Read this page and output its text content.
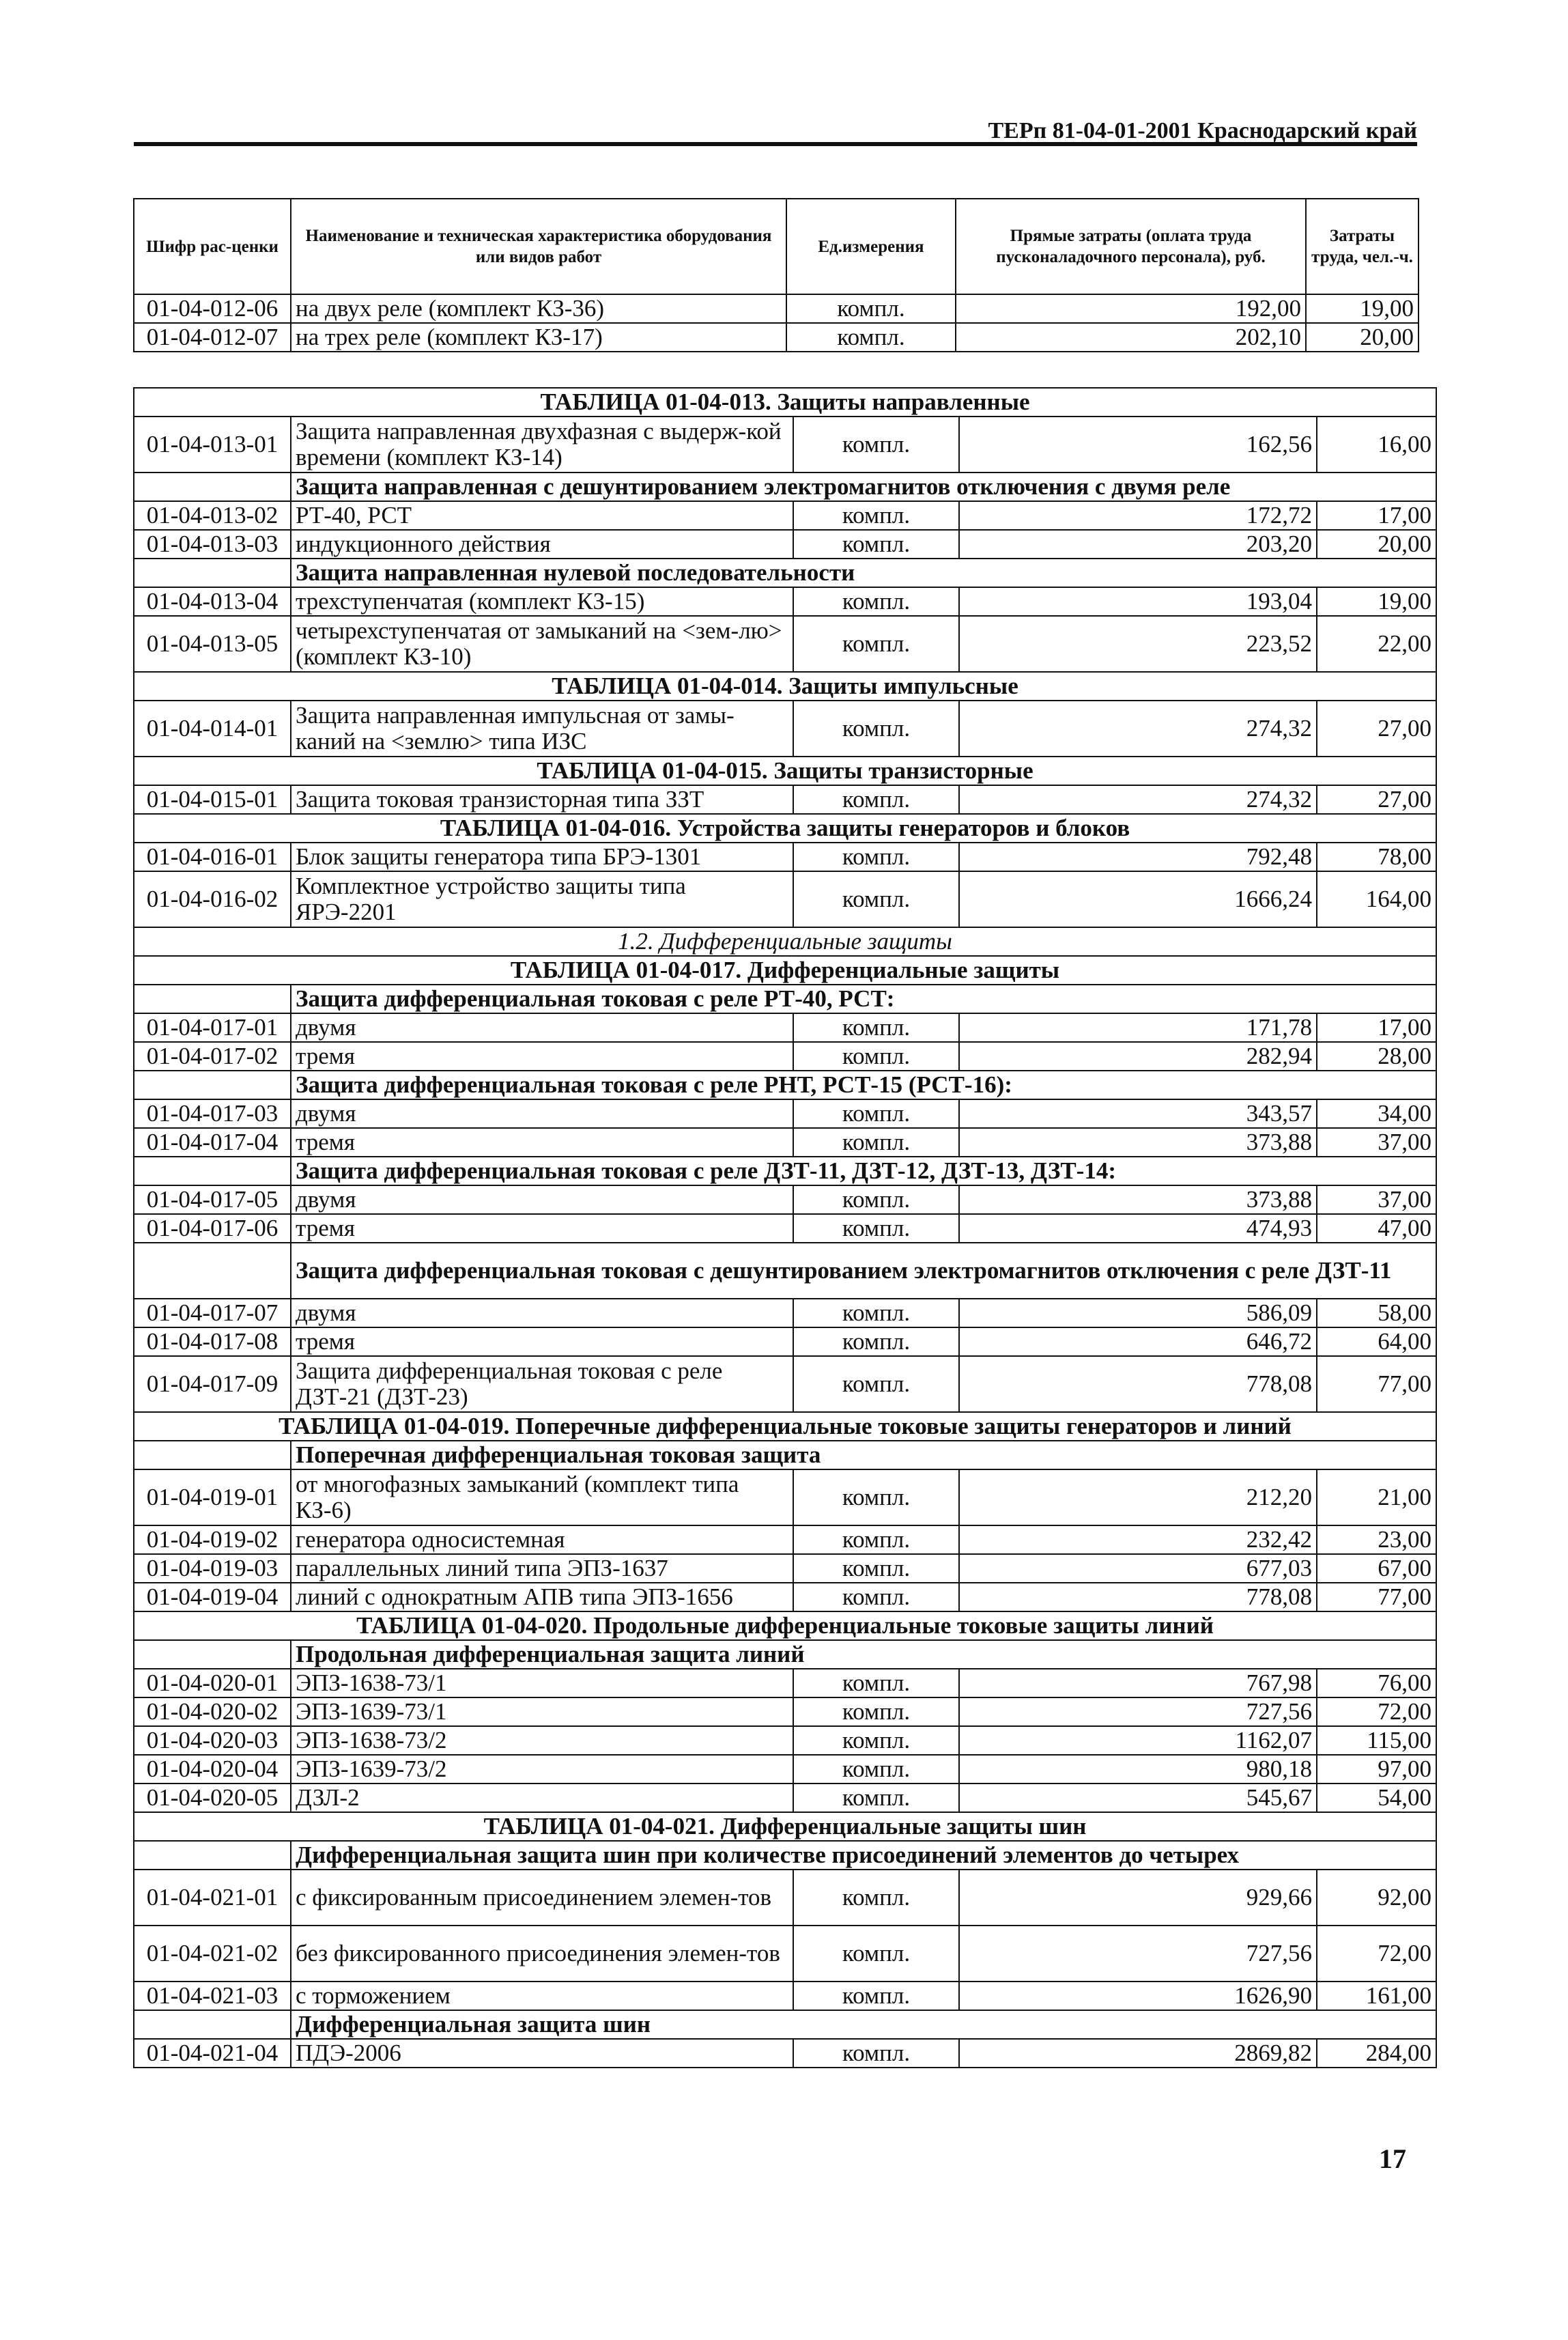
ТЕРп 81-04-01-2001 Краснодарский край
Шифр рас-ценки	Наименование и техническая характеристика оборудования или видов работ	Ед.измерения	Прямые затраты (оплата труда пусконаладочного персонала), руб.	Затраты труда, чел.-ч.
01-04-012-06	на двух реле (комплект КЗ-36)	компл.	192,00	19,00
01-04-012-07	на трех реле (комплект КЗ-17)	компл.	202,10	20,00
ТАБЛИЦА 01-04-013. Защиты направленные				
01-04-013-01	Защита направленная двухфазная с выдерж-кой времени (комплект КЗ-14)	компл.	162,56	16,00
	Защита направленная с дешунтированием электромагнитов отключения с двумя реле			
01-04-013-02	РТ-40, РСТ	компл.	172,72	17,00
01-04-013-03	индукционного действия	компл.	203,20	20,00
	Защита направленная нулевой последовательности			
01-04-013-04	трехступенчатая (комплект КЗ-15)	компл.	193,04	19,00
01-04-013-05	четырехступенчатая от замыканий на <зем-лю> (комплект КЗ-10)	компл.	223,52	22,00
ТАБЛИЦА 01-04-014. Защиты импульсные				
01-04-014-01	Защита направленная импульсная от замы-каний на <землю> типа ИЗС	компл.	274,32	27,00
ТАБЛИЦА 01-04-015. Защиты транзисторные				
01-04-015-01	Защита токовая транзисторная типа ЗЗТ	компл.	274,32	27,00
ТАБЛИЦА 01-04-016. Устройства защиты генераторов и блоков				
01-04-016-01	Блок защиты генератора типа БРЭ-1301	компл.	792,48	78,00
01-04-016-02	Комплектное устройство защиты типа ЯРЭ-2201	компл.	1666,24	164,00
1.2. Дифференциальные защиты				
ТАБЛИЦА 01-04-017. Дифференциальные защиты				
	Защита дифференциальная токовая с реле РТ-40, РСТ:			
01-04-017-01	двумя	компл.	171,78	17,00
01-04-017-02	тремя	компл.	282,94	28,00
	Защита дифференциальная токовая с реле РНТ, РСТ-15 (РСТ-16):			
01-04-017-03	двумя	компл.	343,57	34,00
01-04-017-04	тремя	компл.	373,88	37,00
	Защита дифференциальная токовая с реле ДЗТ-11, ДЗТ-12, ДЗТ-13, ДЗТ-14:			
01-04-017-05	двумя	компл.	373,88	37,00
01-04-017-06	тремя	компл.	474,93	47,00
	Защита дифференциальная токовая с дешунтированием электромагнитов отключения с реле ДЗТ-11			
01-04-017-07	двумя	компл.	586,09	58,00
01-04-017-08	тремя	компл.	646,72	64,00
01-04-017-09	Защита дифференциальная токовая с реле ДЗТ-21 (ДЗТ-23)	компл.	778,08	77,00
ТАБЛИЦА 01-04-019. Поперечные дифференциальные токовые защиты генераторов и линий				
	Поперечная дифференциальная токовая защита			
01-04-019-01	от многофазных замыканий (комплект типа КЗ-6)	компл.	212,20	21,00
01-04-019-02	генератора односистемная	компл.	232,42	23,00
01-04-019-03	параллельных линий типа ЭПЗ-1637	компл.	677,03	67,00
01-04-019-04	линий с однократным АПВ типа ЭПЗ-1656	компл.	778,08	77,00
ТАБЛИЦА 01-04-020. Продольные дифференциальные токовые защиты линий				
	Продольная дифференциальная защита линий			
01-04-020-01	ЭПЗ-1638-73/1	компл.	767,98	76,00
01-04-020-02	ЭПЗ-1639-73/1	компл.	727,56	72,00
01-04-020-03	ЭПЗ-1638-73/2	компл.	1162,07	115,00
01-04-020-04	ЭПЗ-1639-73/2	компл.	980,18	97,00
01-04-020-05	ДЗЛ-2	компл.	545,67	54,00
ТАБЛИЦА 01-04-021. Дифференциальные защиты шин				
	Дифференциальная защита шин при количестве присоединений элементов до четырех			
01-04-021-01	с фиксированным присоединением элемен-тов	компл.	929,66	92,00
01-04-021-02	без фиксированного присоединения элемен-тов	компл.	727,56	72,00
01-04-021-03	с торможением	компл.	1626,90	161,00
	Дифференциальная защита шин			
01-04-021-04	ПДЭ-2006	компл.	2869,82	284,00
17
